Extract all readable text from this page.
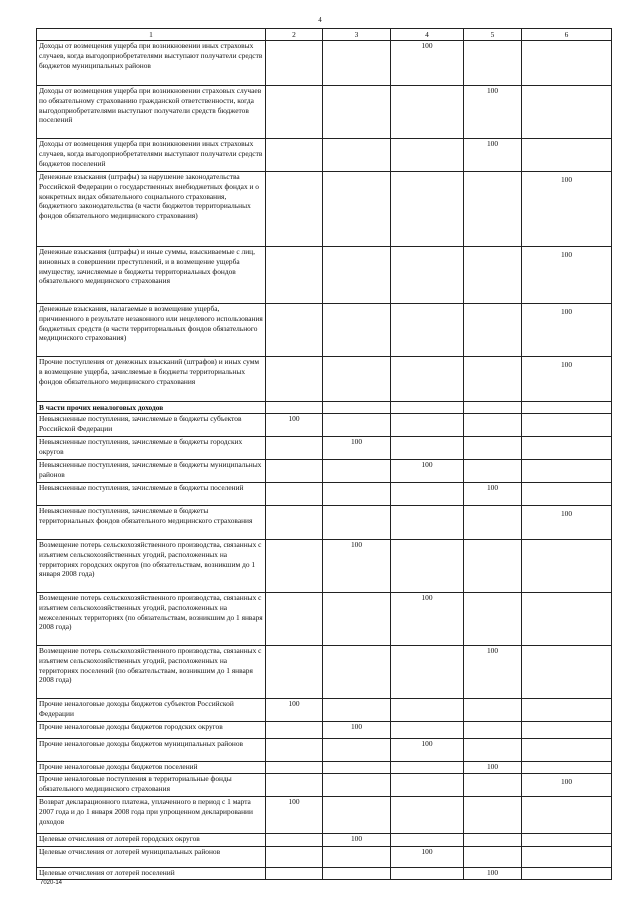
4
1	2	3	4	5	6
Доходы от возмещения ущерба при возникновении иных страховых случаев, когда выгодоприобретателями выступают получатели средств бюджетов муниципальных районов			100		
Доходы от возмещения ущерба при возникновении страховых случаев по обязательному страхованию гражданской ответственности, когда выгодоприобретателями выступают получатели средств бюджетов поселений				100	
Доходы от возмещения ущерба при возникновении иных страховых случаев, когда выгодоприобретателями выступают получатели средств бюджетов поселений				100	
Денежные взыскания (штрафы) за нарушение законодательства Российской Федерации о государственных внебюджетных фондах и о конкретных видах обязательного социального страхования, бюджетного законодательства (в части бюджетов территориальных фондов обязательного медицинского страхования)					100
Денежные взыскания (штрафы) и иные суммы, взыскиваемые с лиц, виновных в совершении преступлений, и в возмещение ущерба имуществу, зачисляемые в бюджеты территориальных фондов обязательного медицинского страхования					100
Денежные взыскания, налагаемые в возмещение ущерба, причиненного в результате незаконного или нецелевого использования бюджетных средств (в части территориальных фондов обязательного медицинского страхования)					100
Прочие поступления от денежных взысканий (штрафов) и иных сумм в возмещение ущерба, зачисляемые в бюджеты территориальных фондов обязательного медицинского страхования					100
В части прочих неналоговых доходов					
Невыясненные поступления, зачисляемые в бюджеты субъектов Российской Федерации	100				
Невыясненные поступления, зачисляемые в бюджеты городских округов		100			
Невыясненные поступления, зачисляемые в бюджеты муниципальных районов			100		
Невыясненные поступления, зачисляемые в бюджеты поселений				100	
Невыясненные поступления, зачисляемые в бюджеты территориальных фондов обязательного медицинского страхования					100
Возмещение потерь сельскохозяйственного производства, связанных с изъятием сельскохозяйственных угодий, расположенных на территориях городских округов (по обязательствам, возникшим до 1 января 2008 года)		100			
Возмещение потерь сельскохозяйственного производства, связанных с изъятием сельскохозяйственных угодий, расположенных на межселенных территориях (по обязательствам, возникшим до 1 января 2008 года)			100		
Возмещение потерь сельскохозяйственного производства, связанных с изъятием сельскохозяйственных угодий, расположенных на территориях поселений (по обязательствам, возникшим до 1 января 2008 года)				100	
Прочие неналоговые доходы бюджетов субъектов Российской Федерации	100				
Прочие неналоговые доходы бюджетов городских округов		100			
Прочие неналоговые доходы бюджетов муниципальных районов			100		
Прочие неналоговые доходы бюджетов поселений				100	
Прочие неналоговые поступления в территориальные фонды обязательного медицинского страхования					100
Возврат декларационного платежа, уплаченного в период с 1 марта 2007 года и до 1 января 2008 года при упрощенном декларировании доходов	100				
Целевые отчисления от лотерей городских округов		100			
Целевые отчисления от лотерей муниципальных районов			100		
Целевые отчисления от лотерей поселений				100	
7020-14
